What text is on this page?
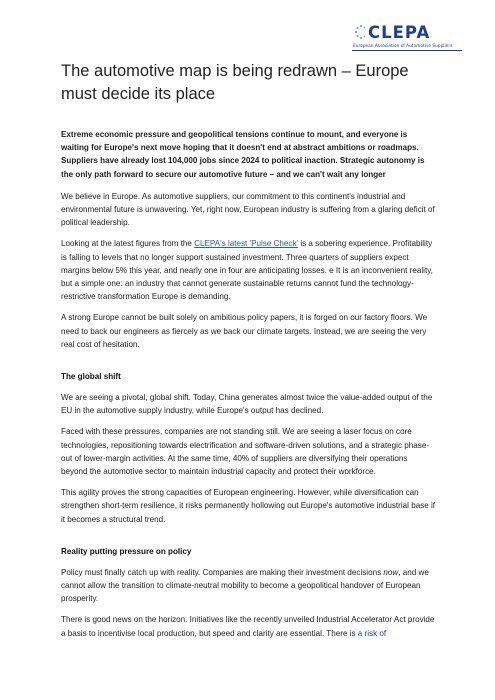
CLEPA
European Association of Automotive Suppliers
The automotive map is being redrawn – Europe must decide its place

Extreme economic pressure and geopolitical tensions continue to mount, and everyone is waiting for Europe's next move hoping that it doesn't end at abstract ambitions or roadmaps. Suppliers have already lost 104,000 jobs since 2024 to political inaction. Strategic autonomy is the only path forward to secure our automotive future – and we can't wait any longer

We believe in Europe. As automotive suppliers, our commitment to this continent's industrial and environmental future is unwavering. Yet, right now, European industry is suffering from a glaring deficit of political leadership.

Looking at the latest figures from the CLEPA's latest 'Pulse Check' is a sobering experience. Profitability is falling to levels that no longer support sustained investment. Three quarters of suppliers expect margins below 5% this year, and nearly one in four are anticipating losses. e It is an inconvenient reality, but a simple one: an industry that cannot generate sustainable returns cannot fund the technology-restrictive transformation Europe is demanding.

A strong Europe cannot be built solely on ambitious policy papers, it is forged on our factory floors. We need to back our engineers as fiercely as we back our climate targets. Instead, we are seeing the very real cost of hesitation.

The global shift

We are seeing a pivotal, global shift. Today, China generates almost twice the value-added output of the EU in the automotive supply industry, while Europe's output has declined.

Faced with these pressures, companies are not standing still. We are seeing a laser focus on core technologies, repositioning towards electrification and software-driven solutions, and a strategic phase-out of lower-margin activities. At the same time, 40% of suppliers are diversifying their operations beyond the automotive sector to maintain industrial capacity and protect their workforce.

This agility proves the strong capacities of European engineering. However, while diversification can strengthen short-term resilience, it risks permanently hollowing out Europe's automotive industrial base if it becomes a structural trend.

Reality putting pressure on policy

Policy must finally catch up with reality. Companies are making their investment decisions now, and we cannot allow the transition to climate-neutral mobility to become a geopolitical handover of European prosperity.

There is good news on the horizon. Initiatives like the recently unveiled Industrial Accelerator Act provide a basis to incentivise local production, but speed and clarity are essential. There is a risk of
